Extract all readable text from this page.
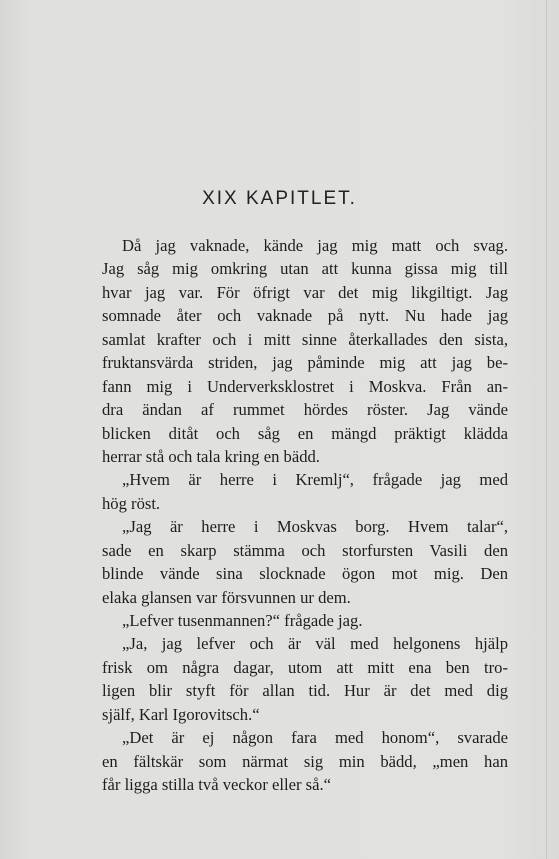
XIX KAPITLET.
Då jag vaknade, kände jag mig matt och svag.
Jag såg mig omkring utan att kunna gissa mig till
hvar jag var. För öfrigt var det mig likgiltigt. Jag
somnade åter och vaknade på nytt. Nu hade jag
samlat krafter och i mitt sinne återkallades den sista,
fruktansvärda striden, jag påminde mig att jag be-
fann mig i Underverksklostret i Moskva. Från an-
dra ändan af rummet hördes röster. Jag vände
blicken ditåt och såg en mängd präktigt klädda
herrar stå och tala kring en bädd.
„Hvem är herre i Kremlj“, frågade jag med
hög röst.
„Jag är herre i Moskvas borg. Hvem talar“,
sade en skarp stämma och storfursten Vasili den
blinde vände sina slocknade ögon mot mig. Den
elaka glansen var försvunnen ur dem.
„Lefver tusenmannen?“ frågade jag.
„Ja, jag lefver och är väl med helgonens hjälp
frisk om några dagar, utom att mitt ena ben tro-
ligen blir styft för allan tid. Hur är det med dig
själf, Karl Igorovitsch.“
„Det är ej någon fara med honom“, svarade
en fältskär som närmat sig min bädd, „men han
får ligga stilla två veckor eller så.“
